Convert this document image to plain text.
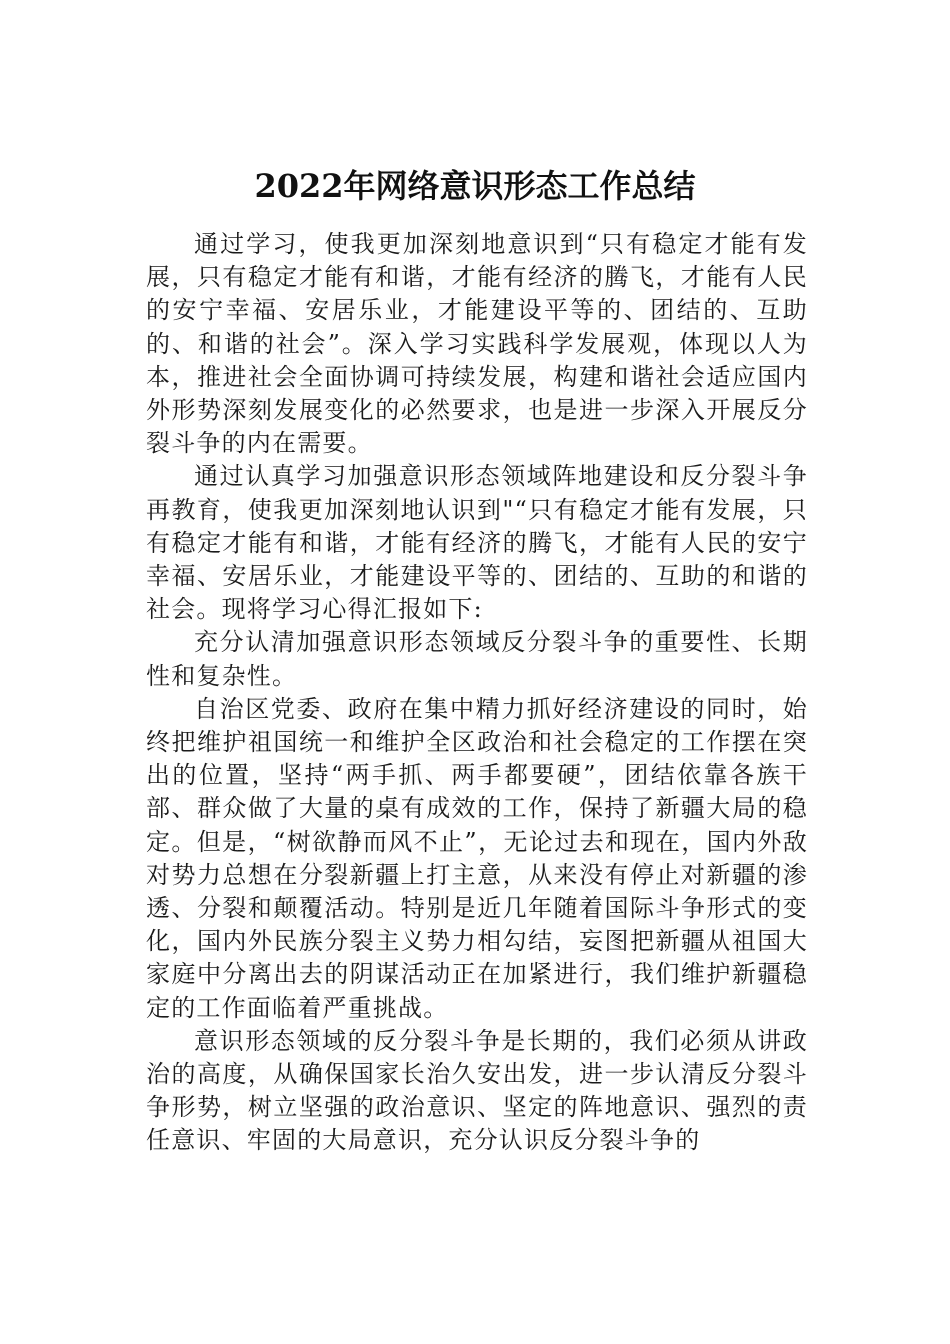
2022年网络意识形态工作总结

通过学习，使我更加深刻地意识到“只有稳定才能有发展，只有稳定才能有和谐，才能有经济的腾飞，才能有人民的安宁幸福、安居乐业，才能建设平等的、团结的、互助的、和谐的社会”。深入学习实践科学发展观，体现以人为本，推进社会全面协调可持续发展，构建和谐社会适应国内外形势深刻发展变化的必然要求，也是进一步深入开展反分裂斗争的内在需要。

通过认真学习加强意识形态领域阵地建设和反分裂斗争再教育，使我更加深刻地认识到"“只有稳定才能有发展，只有稳定才能有和谐，才能有经济的腾飞，才能有人民的安宁幸福、安居乐业，才能建设平等的、团结的、互助的和谐的社会。现将学习心得汇报如下:

充分认清加强意识形态领域反分裂斗争的重要性、长期性和复杂性。

自治区党委、政府在集中精力抓好经济建设的同时，始终把维护祖国统一和维护全区政治和社会稳定的工作摆在突出的位置，坚持“两手抓、两手都要硬”，团结依靠各族干部、群众做了大量的桌有成效的工作，保持了新疆大局的稳定。但是，“树欲静而风不止”，无论过去和现在，国内外敌对势力总想在分裂新疆上打主意，从来没有停止对新疆的渗透、分裂和颠覆活动。特别是近几年随着国际斗争形式的变化，国内外民族分裂主义势力相勾结，妄图把新疆从祖国大家庭中分离出去的阴谋活动正在加紧进行，我们维护新疆稳定的工作面临着严重挑战。

意识形态领域的反分裂斗争是长期的，我们必须从讲政治的高度，从确保国家长治久安出发，进一步认清反分裂斗争形势，树立坚强的政治意识、坚定的阵地意识、强烈的责任意识、牢固的大局意识，充分认识反分裂斗争的
